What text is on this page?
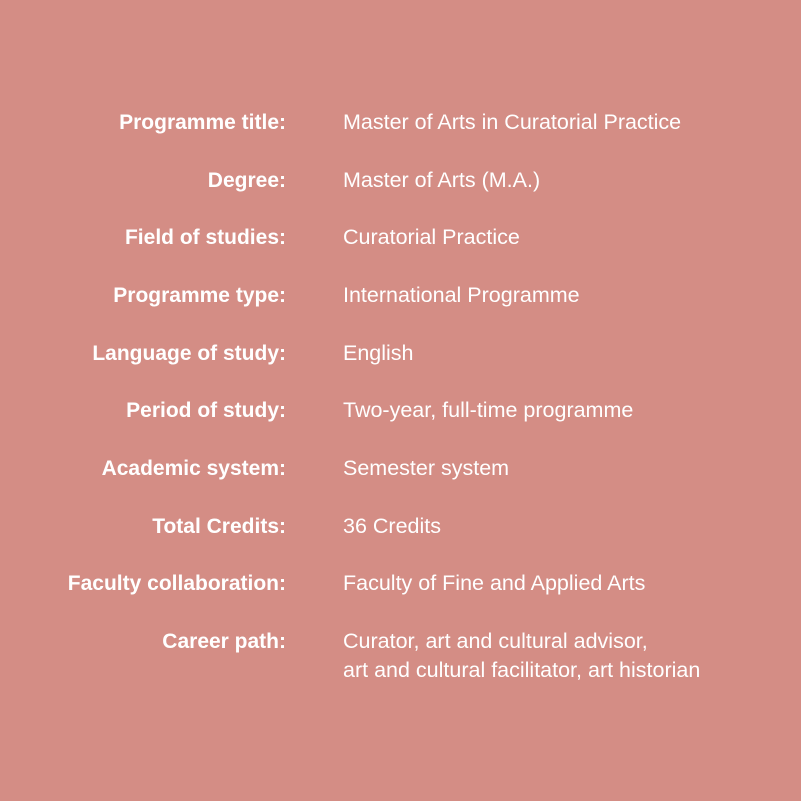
Programme title:	Master of Arts in Curatorial Practice
Degree:	Master of Arts (M.A.)
Field of studies:	Curatorial Practice
Programme type:	International Programme
Language of study:	English
Period of study:	Two-year, full-time programme
Academic system:	Semester system
Total Credits:	36 Credits
Faculty collaboration:	Faculty of Fine and Applied Arts
Career path:	Curator, art and cultural advisor,
art and cultural facilitator, art historian
